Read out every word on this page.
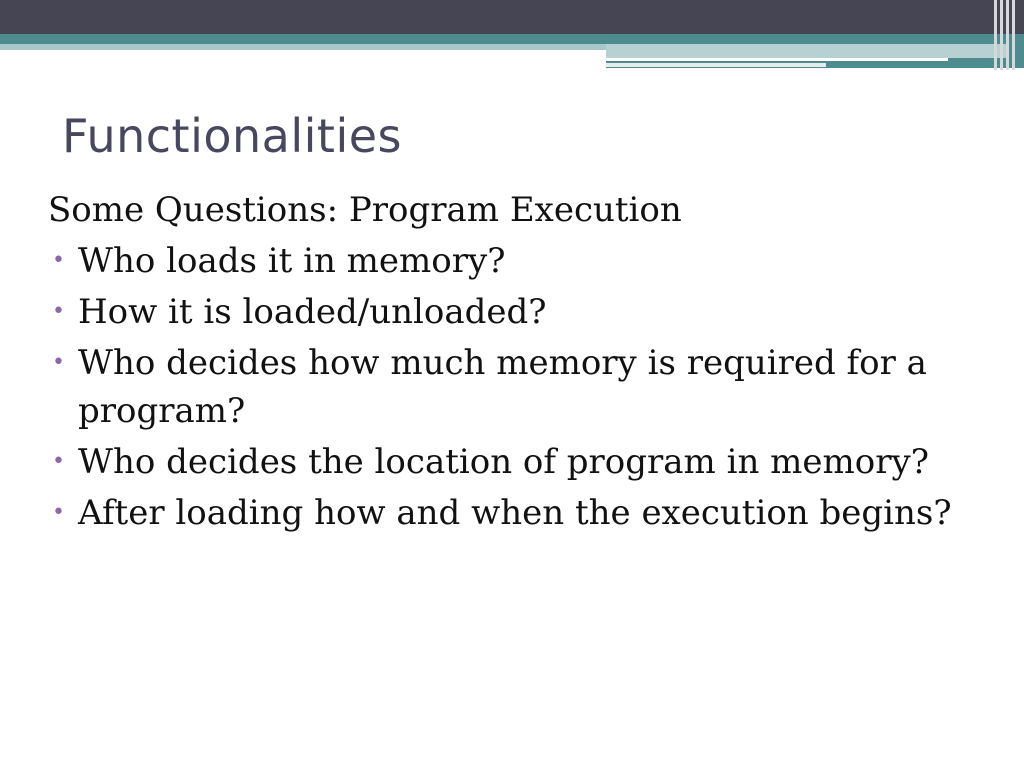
Functionalities

Some Questions: Program Execution

• Who loads it in memory?
• How it is loaded/unloaded?
• Who decides how much memory is required for a program?
• Who decides the location of program in memory?
• After loading how and when the execution begins?
